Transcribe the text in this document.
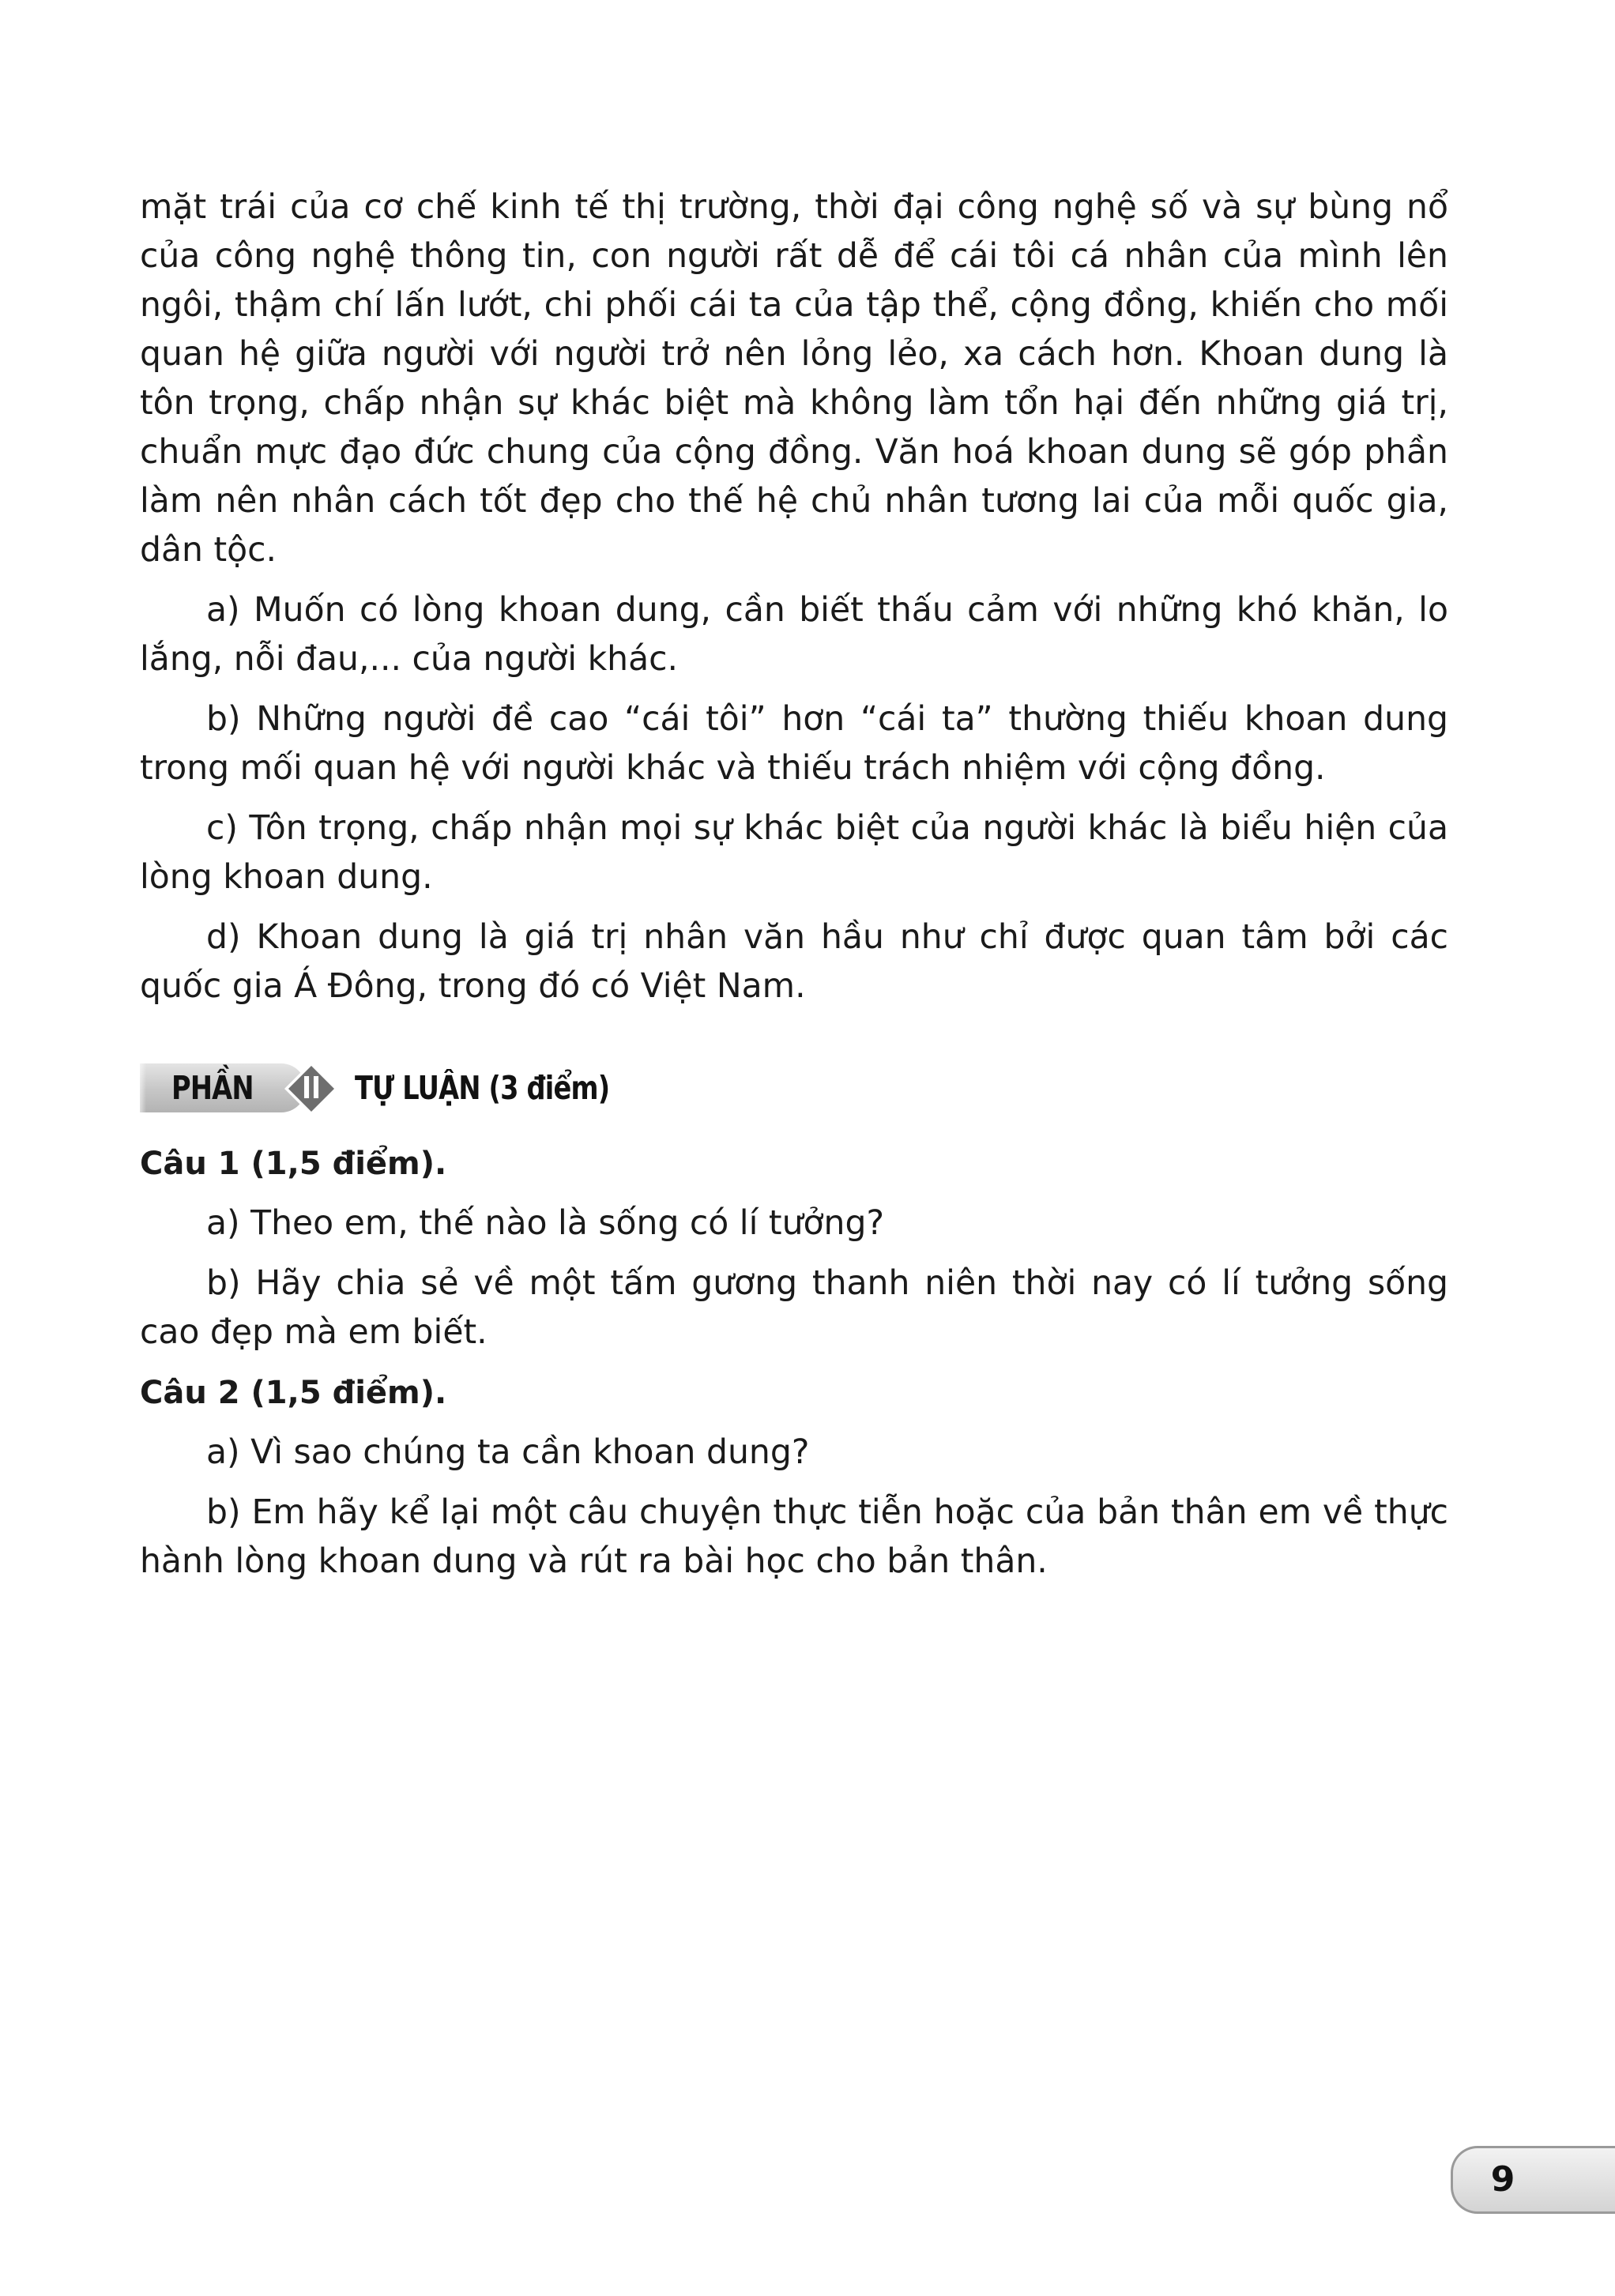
mặt trái của cơ chế kinh tế thị trường, thời đại công nghệ số và sự bùng nổ của công nghệ thông tin, con người rất dễ để cái tôi cá nhân của mình lên ngôi, thậm chí lấn lướt, chi phối cái ta của tập thể, cộng đồng, khiến cho mối quan hệ giữa người với người trở nên lỏng lẻo, xa cách hơn. Khoan dung là tôn trọng, chấp nhận sự khác biệt mà không làm tổn hại đến những giá trị, chuẩn mực đạo đức chung của cộng đồng. Văn hoá khoan dung sẽ góp phần làm nên nhân cách tốt đẹp cho thế hệ chủ nhân tương lai của mỗi quốc gia, dân tộc.

a) Muốn có lòng khoan dung, cần biết thấu cảm với những khó khăn, lo lắng, nỗi đau,... của người khác.

b) Những người đề cao “cái tôi” hơn “cái ta” thường thiếu khoan dung trong mối quan hệ với người khác và thiếu trách nhiệm với cộng đồng.

c) Tôn trọng, chấp nhận mọi sự khác biệt của người khác là biểu hiện của lòng khoan dung.

d) Khoan dung là giá trị nhân văn hầu như chỉ được quan tâm bởi các quốc gia Á Đông, trong đó có Việt Nam.

PHẦN II TỰ LUẬN (3 điểm)

Câu 1 (1,5 điểm).

a) Theo em, thế nào là sống có lí tưởng?

b) Hãy chia sẻ về một tấm gương thanh niên thời nay có lí tưởng sống cao đẹp mà em biết.

Câu 2 (1,5 điểm).

a) Vì sao chúng ta cần khoan dung?

b) Em hãy kể lại một câu chuyện thực tiễn hoặc của bản thân em về thực hành lòng khoan dung và rút ra bài học cho bản thân.

9
